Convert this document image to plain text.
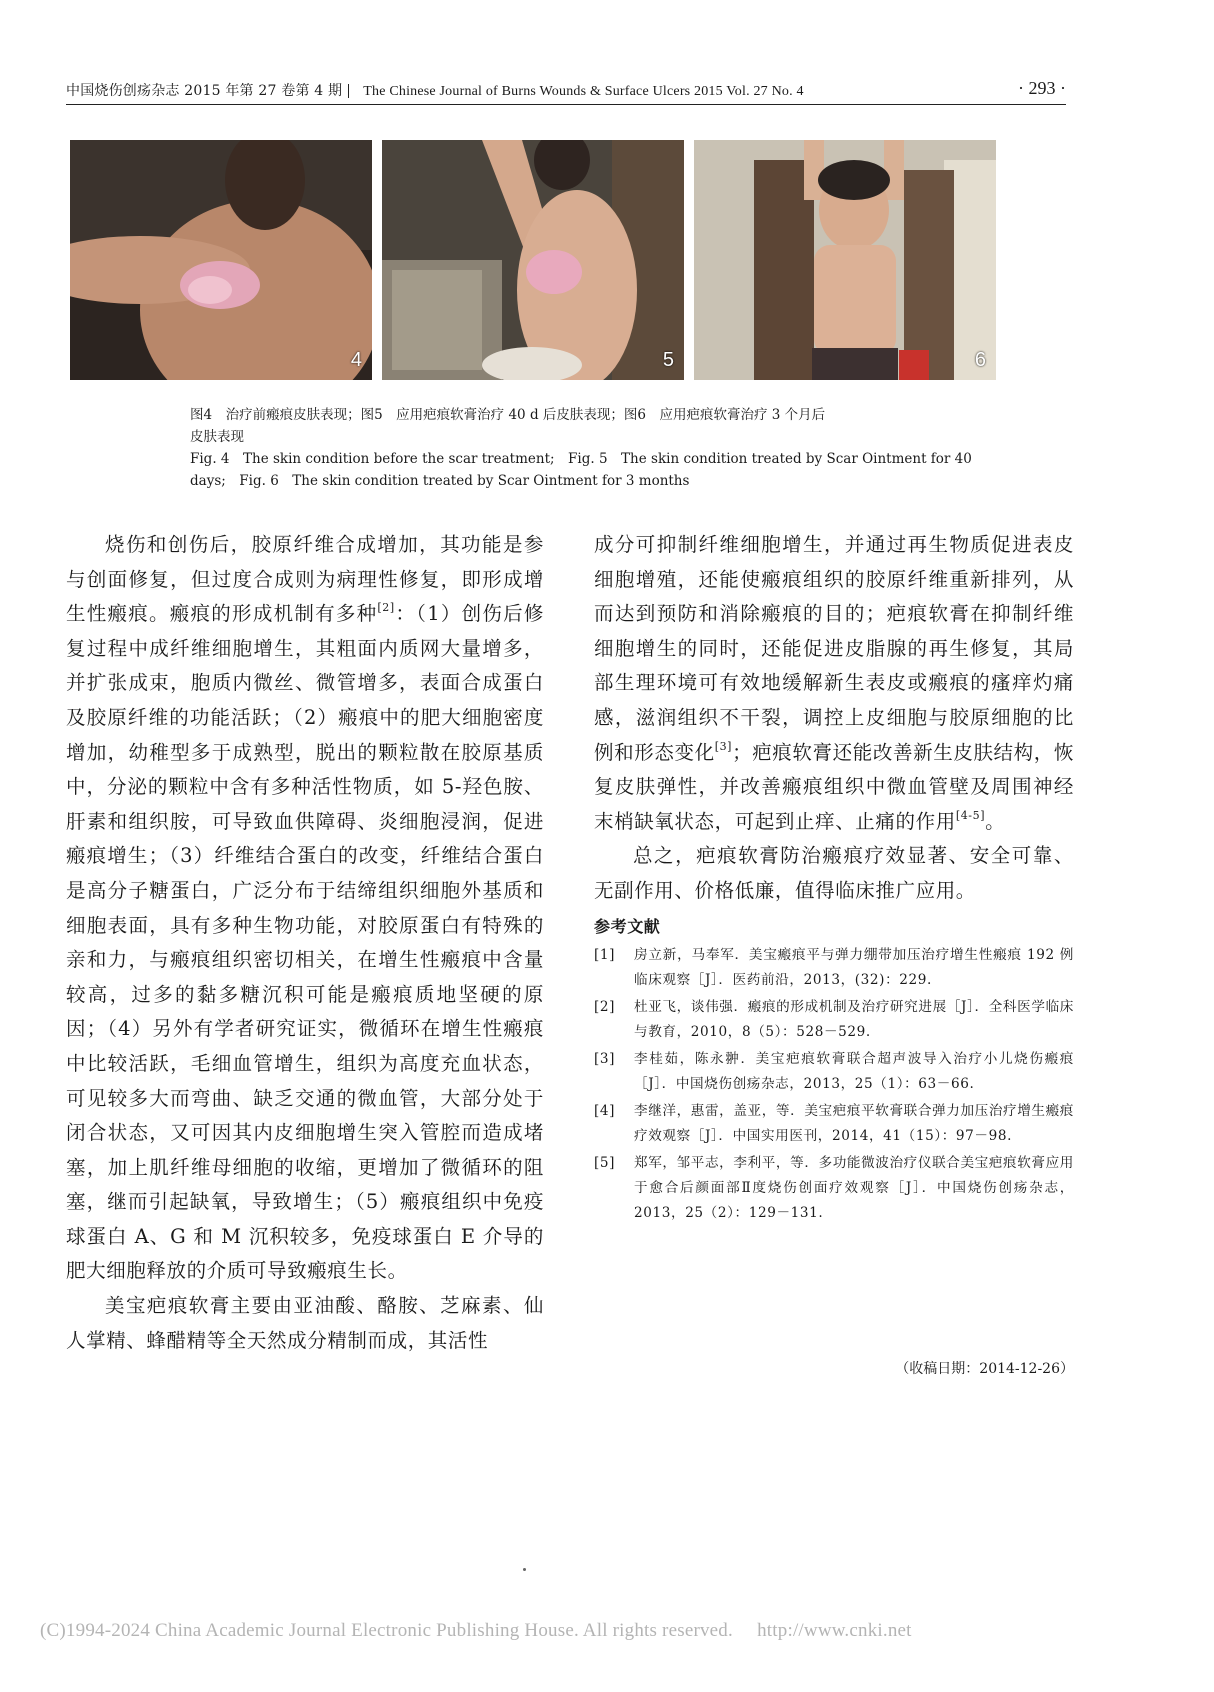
中国烧伤创疡杂志 2015 年第 27 卷第 4 期 The Chinese Journal of Burns Wounds & Surface Ulcers 2015 Vol. 27 No. 4	· 293 ·
4	5	6

图4　治疗前瘢痕皮肤表现；图5　应用疤痕软膏治疗 40 d 后皮肤表现；图6　应用疤痕软膏治疗 3 个月后

皮肤表现

Fig. 4　The skin condition before the scar treatment;　Fig. 5　The skin condition treated by Scar Ointment for 40

days;　Fig. 6　The skin condition treated by Scar Ointment for 3 months

烧伤和创伤后，胶原纤维合成增加，其功能是参与创面修复，但过度合成则为病理性修复，即形成增生性瘢痕。瘢痕的形成机制有多种[2]：（1）创伤后修复过程中成纤维细胞增生，其粗面内质网大量增多，并扩张成束，胞质内微丝、微管增多，表面合成蛋白及胶原纤维的功能活跃；（2）瘢痕中的肥大细胞密度增加，幼稚型多于成熟型，脱出的颗粒散在胶原基质中，分泌的颗粒中含有多种活性物质，如 5-羟色胺、肝素和组织胺，可导致血供障碍、炎细胞浸润，促进瘢痕增生；（3）纤维结合蛋白的改变，纤维结合蛋白是高分子糖蛋白，广泛分布于结缔组织细胞外基质和细胞表面，具有多种生物功能，对胶原蛋白有特殊的亲和力，与瘢痕组织密切相关，在增生性瘢痕中含量较高，过多的黏多糖沉积可能是瘢痕质地坚硬的原因；（4）另外有学者研究证实，微循环在增生性瘢痕中比较活跃，毛细血管增生，组织为高度充血状态，可见较多大而弯曲、缺乏交通的微血管，大部分处于闭合状态，又可因其内皮细胞增生突入管腔而造成堵塞，加上肌纤维母细胞的收缩，更增加了微循环的阻塞，继而引起缺氧，导致增生；（5）瘢痕组织中免疫球蛋白 A、G 和 M 沉积较多，免疫球蛋白 E 介导的肥大细胞释放的介质可导致瘢痕生长。

美宝疤痕软膏主要由亚油酸、酪胺、芝麻素、仙人掌精、蜂醋精等全天然成分精制而成，其活性

成分可抑制纤维细胞增生，并通过再生物质促进表皮细胞增殖，还能使瘢痕组织的胶原纤维重新排列，从而达到预防和消除瘢痕的目的；疤痕软膏在抑制纤维细胞增生的同时，还能促进皮脂腺的再生修复，其局部生理环境可有效地缓解新生表皮或瘢痕的瘙痒灼痛感，滋润组织不干裂，调控上皮细胞与胶原细胞的比例和形态变化[3]；疤痕软膏还能改善新生皮肤结构，恢复皮肤弹性，并改善瘢痕组织中微血管壁及周围神经末梢缺氧状态，可起到止痒、止痛的作用[4-5]。

总之，疤痕软膏防治瘢痕疗效显著、安全可靠、无副作用、价格低廉，值得临床推广应用。

参考文献
[1] 房立新，马奉军．美宝瘢痕平与弹力绷带加压治疗增生性瘢痕 192 例临床观察［J］．医药前沿，2013，(32)：229.
[2] 杜亚飞，谈伟强．瘢痕的形成机制及治疗研究进展［J］．全科医学临床与教育，2010，8（5）：528－529.
[3] 李桂茹，陈永翀．美宝疤痕软膏联合超声波导入治疗小儿烧伤瘢痕［J］．中国烧伤创疡杂志，2013，25（1）：63－66.
[4] 李继洋，惠雷，盖亚，等．美宝疤痕平软膏联合弹力加压治疗增生瘢痕疗效观察［J］．中国实用医刊，2014，41（15）：97－98.
[5] 郑军，邹平志，李利平，等．多功能微波治疗仪联合美宝疤痕软膏应用于愈合后颜面部Ⅱ度烧伤创面疗效观察［J］．中国烧伤创疡杂志，2013，25（2）：129－131.
（收稿日期：2014-12-26）
(C)1994-2024 China Academic Journal Electronic Publishing House. All rights reserved.　 http://www.cnki.net
